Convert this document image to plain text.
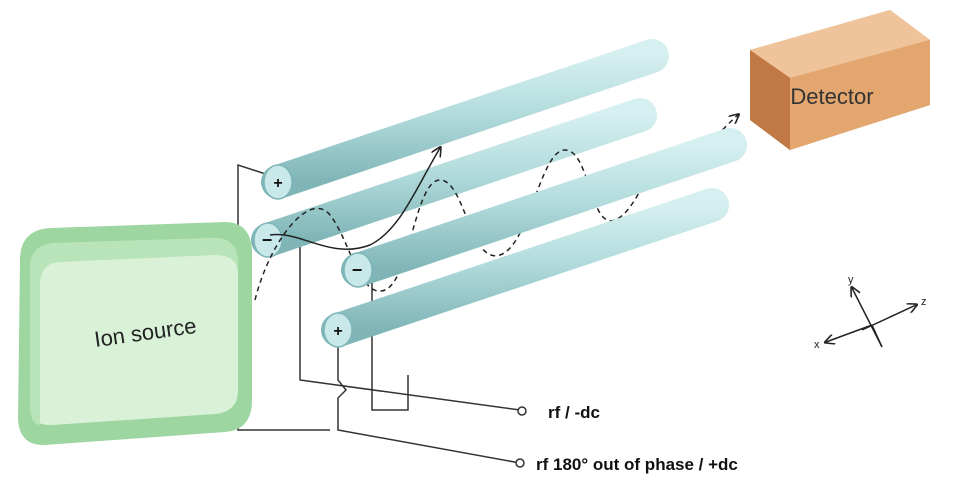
Detector
+
−
−
+
Ion source
rf / -dc
rf 180° out of phase / +dc
y
z
x
